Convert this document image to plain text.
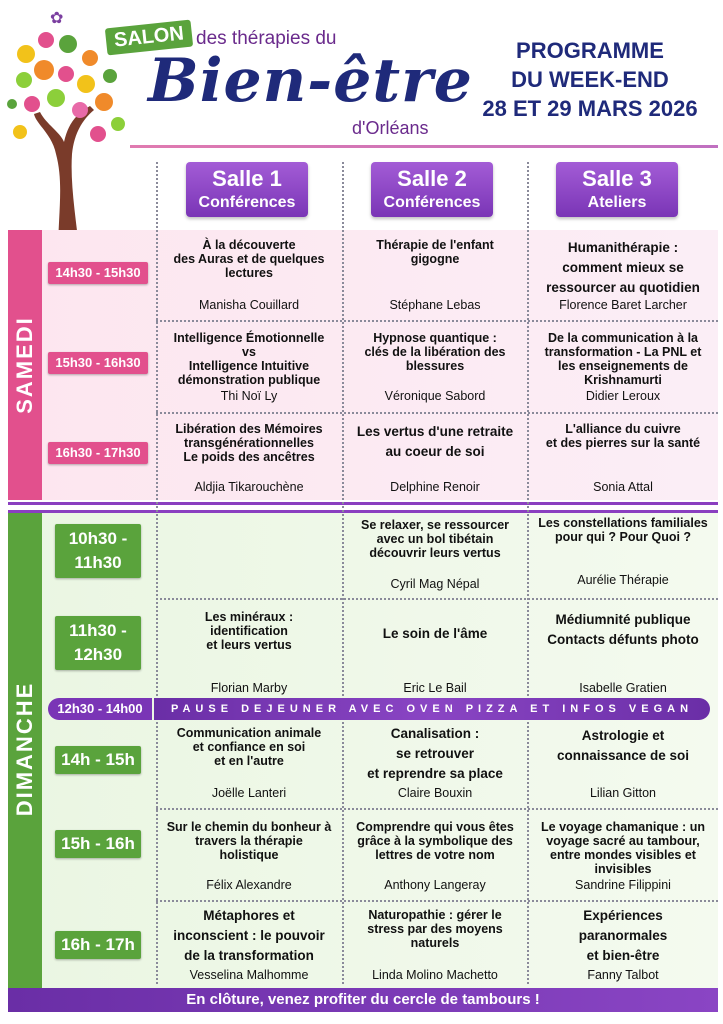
✿
SALON des thérapies du
Bien-être
d'Orléans
PROGRAMME
DU WEEK-END
28 ET 29 MARS 2026
SAMEDI
DIMANCHE
Salle 1
Conférences
Salle 2
Conférences
Salle 3
Ateliers
14h30 - 15h30
15h30 - 16h30
16h30 - 17h30
À la découverte
des Auras et de quelques
lectures
Manisha Couillard
Thérapie de l'enfant
gigogne
Stéphane Lebas
Humanithérapie :
comment mieux se
ressourcer au quotidien
Florence Baret Larcher
Intelligence Émotionnelle
vs
Intelligence Intuitive
démonstration publique
Thi Noï Ly
Hypnose quantique :
clés de la libération des
blessures
Véronique Sabord
De la communication à la
transformation - La PNL et
les enseignements de
Krishnamurti
Didier Leroux
Libération des Mémoires
transgénérationnelles
Le poids des ancêtres
Aldjia Tikarouchène
Les vertus d'une retraite
au coeur de soi
Delphine Renoir
L'alliance du cuivre
et des pierres sur la santé
Sonia Attal
10h30 -
11h30
11h30 -
12h30
14h - 15h
15h - 16h
16h - 17h
Se relaxer, se ressourcer
avec un bol tibétain
découvrir leurs vertus
Cyril Mag Népal
Les constellations familiales
pour qui ? Pour Quoi ?
Aurélie Thérapie
Les minéraux :
identification
et leurs vertus
Florian Marby
Le soin de l'âme
Eric Le Bail
Médiumnité publique
Contacts défunts photo
Isabelle Gratien
12h30 - 14h00	PAUSE DEJEUNER AVEC OVEN PIZZA ET INFOS VEGAN
Communication animale
et confiance en soi
et en l'autre
Joëlle Lanteri
Canalisation :
se retrouver
et reprendre sa place
Claire Bouxin
Astrologie et
connaissance de soi
Lilian Gitton
Sur le chemin du bonheur à
travers la thérapie
holistique
Félix Alexandre
Comprendre qui vous êtes
grâce à la symbolique des
lettres de votre nom
Anthony Langeray
Le voyage chamanique : un
voyage sacré au tambour,
entre mondes visibles et
invisibles
Sandrine Filippini
Métaphores et
inconscient : le pouvoir
de la transformation
Vesselina Malhomme
Naturopathie : gérer le
stress par des moyens
naturels
Linda Molino Machetto
Expériences
paranormales
et bien-être
Fanny Talbot
En clôture, venez profiter du cercle de tambours !
